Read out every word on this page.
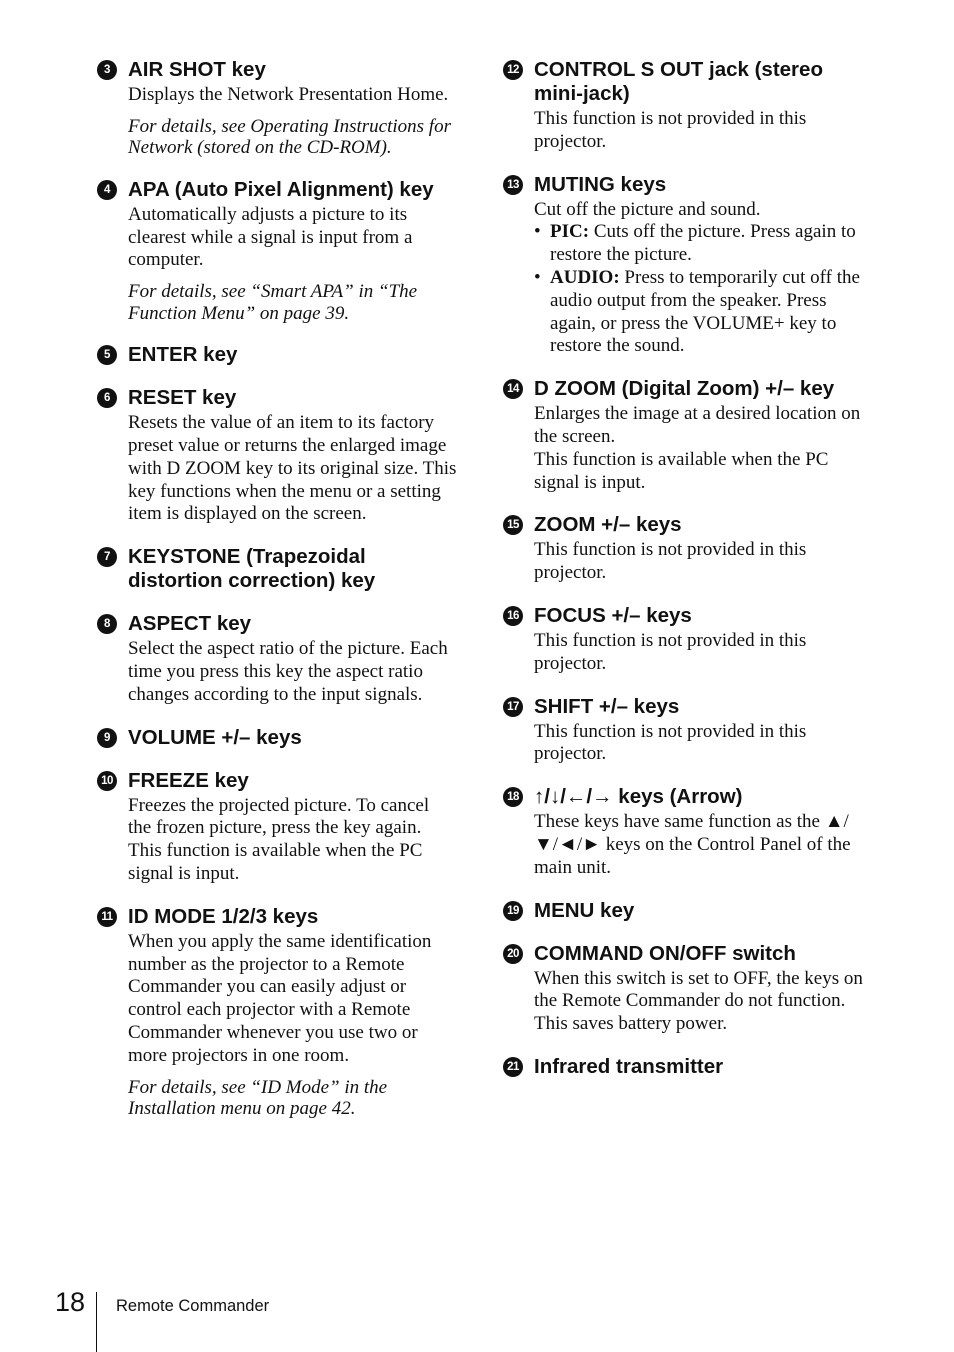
3 AIR SHOT key
Displays the Network Presentation Home.
For details, see Operating Instructions for Network (stored on the CD-ROM).
4 APA (Auto Pixel Alignment) key
Automatically adjusts a picture to its clearest while a signal is input from a computer.
For details, see “Smart APA” in “The Function Menu” on page 39.
5 ENTER key
6 RESET key
Resets the value of an item to its factory preset value or returns the enlarged image with D ZOOM key to its original size. This key functions when the menu or a setting item is displayed on the screen.
7 KEYSTONE (Trapezoidal distortion correction) key
8 ASPECT key
Select the aspect ratio of the picture. Each time you press this key the aspect ratio changes according to the input signals.
9 VOLUME +/– keys
10 FREEZE key
Freezes the projected picture. To cancel the frozen picture, press the key again. This function is available when the PC signal is input.
11 ID MODE 1/2/3 keys
When you apply the same identification number as the projector to a Remote Commander you can easily adjust or control each projector with a Remote Commander whenever you use two or more projectors in one room.
For details, see “ID Mode” in the Installation menu on page 42.
12 CONTROL S OUT jack (stereo mini-jack)
This function is not provided in this projector.
13 MUTING keys
Cut off the picture and sound.
• PIC: Cuts off the picture. Press again to restore the picture.
• AUDIO: Press to temporarily cut off the audio output from the speaker. Press again, or press the VOLUME+ key to restore the sound.
14 D ZOOM (Digital Zoom) +/– key
Enlarges the image at a desired location on the screen.
This function is available when the PC signal is input.
15 ZOOM +/– keys
This function is not provided in this projector.
16 FOCUS +/– keys
This function is not provided in this projector.
17 SHIFT +/– keys
This function is not provided in this projector.
18 ↑/↓/←/→ keys (Arrow)
These keys have same function as the ▲/▼/◄/► keys on the Control Panel of the main unit.
19 MENU key
20 COMMAND ON/OFF switch
When this switch is set to OFF, the keys on the Remote Commander do not function. This saves battery power.
21 Infrared transmitter
18 Remote Commander
